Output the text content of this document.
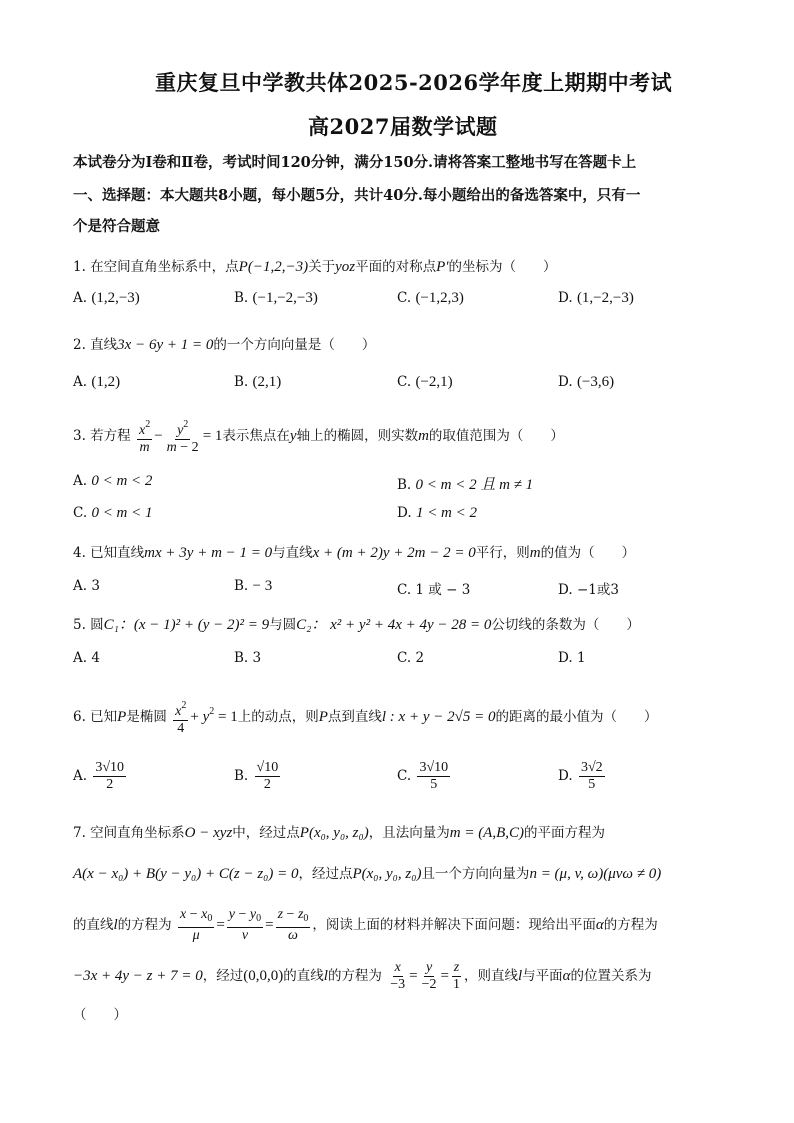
重庆复旦中学教共体2025-2026学年度上期期中考试
高2027届数学试题
本试卷分为Ⅰ卷和Ⅱ卷，考试时间120分钟，满分150分.请将答案工整地书写在答题卡上
一、选择题：本大题共8小题，每小题5分，共计40分.每小题给出的备选答案中，只有一
个是符合题意
1. 在空间直角坐标系中，点P(−1,2,−3)关于yoz平面的对称点P′的坐标为（　　）
A. (1,2,−3)	B. (−1,−2,−3)	C. (−1,2,3)	D. (1,−2,−3)
2. 直线3x − 6y + 1 = 0的一个方向向量是（　　）
A. (1,2)	B. (2,1)	C. (−2,1)	D. (−3,6)
3. 若方程 $\frac{x^2}{m} - \frac{y^2}{m - 2} = 1$表示焦点在y轴上的椭圆，则实数m的取值范围为（　　）
A. 0 < m < 2	B. 0 < m < 2 且 m ≠ 1
C. 0 < m < 1	D. 1 < m < 2
4. 已知直线mx + 3y + m − 1 = 0与直线x + (m + 2)y + 2m − 2 = 0平行，则m的值为（　　）
A. 3	B. − 3	C. 1 或 − 3	D. −1或3
5. 圆C₁：(x − 1)² + (y − 2)² = 9与圆C₂： x² + y² + 4x + 4y − 28 = 0公切线的条数为（　　）
A. 4	B. 3	C. 2	D. 1
6. 已知P是椭圆 $\frac{x^2}{4} + y^2 = 1$上的动点，则P点到直线l : x + y − 2√5 = 0的距离的最小值为（　　）
A. $\frac{3√10}{2}$	B. $\frac{√10}{2}$	C. $\frac{3√10}{5}$	D. $\frac{3√2}{5}$
7. 空间直角坐标系O − xyz中，经过点P(x₀, y₀, z₀)，且法向量为m = (A,B,C)的平面方程为
A(x − x₀) + B(y − y₀) + C(z − z₀) = 0，经过点P(x₀, y₀, z₀)且一个方向向量为n = (μ, v, ω)(μvω ≠ 0)
的直线l的方程为 $\frac{x - x_0}{\mu} = \frac{y - y_0}{v} = \frac{z - z_0}{\omega}$ ，阅读上面的材料并解决下面问题：现给出平面α的方程为
−3x + 4y − z + 7 = 0，经过(0,0,0)的直线l的方程为 $\frac{x}{-3} = \frac{y}{-2} = \frac{z}{1}$ ，则直线l与平面α的位置关系为
（　　）
